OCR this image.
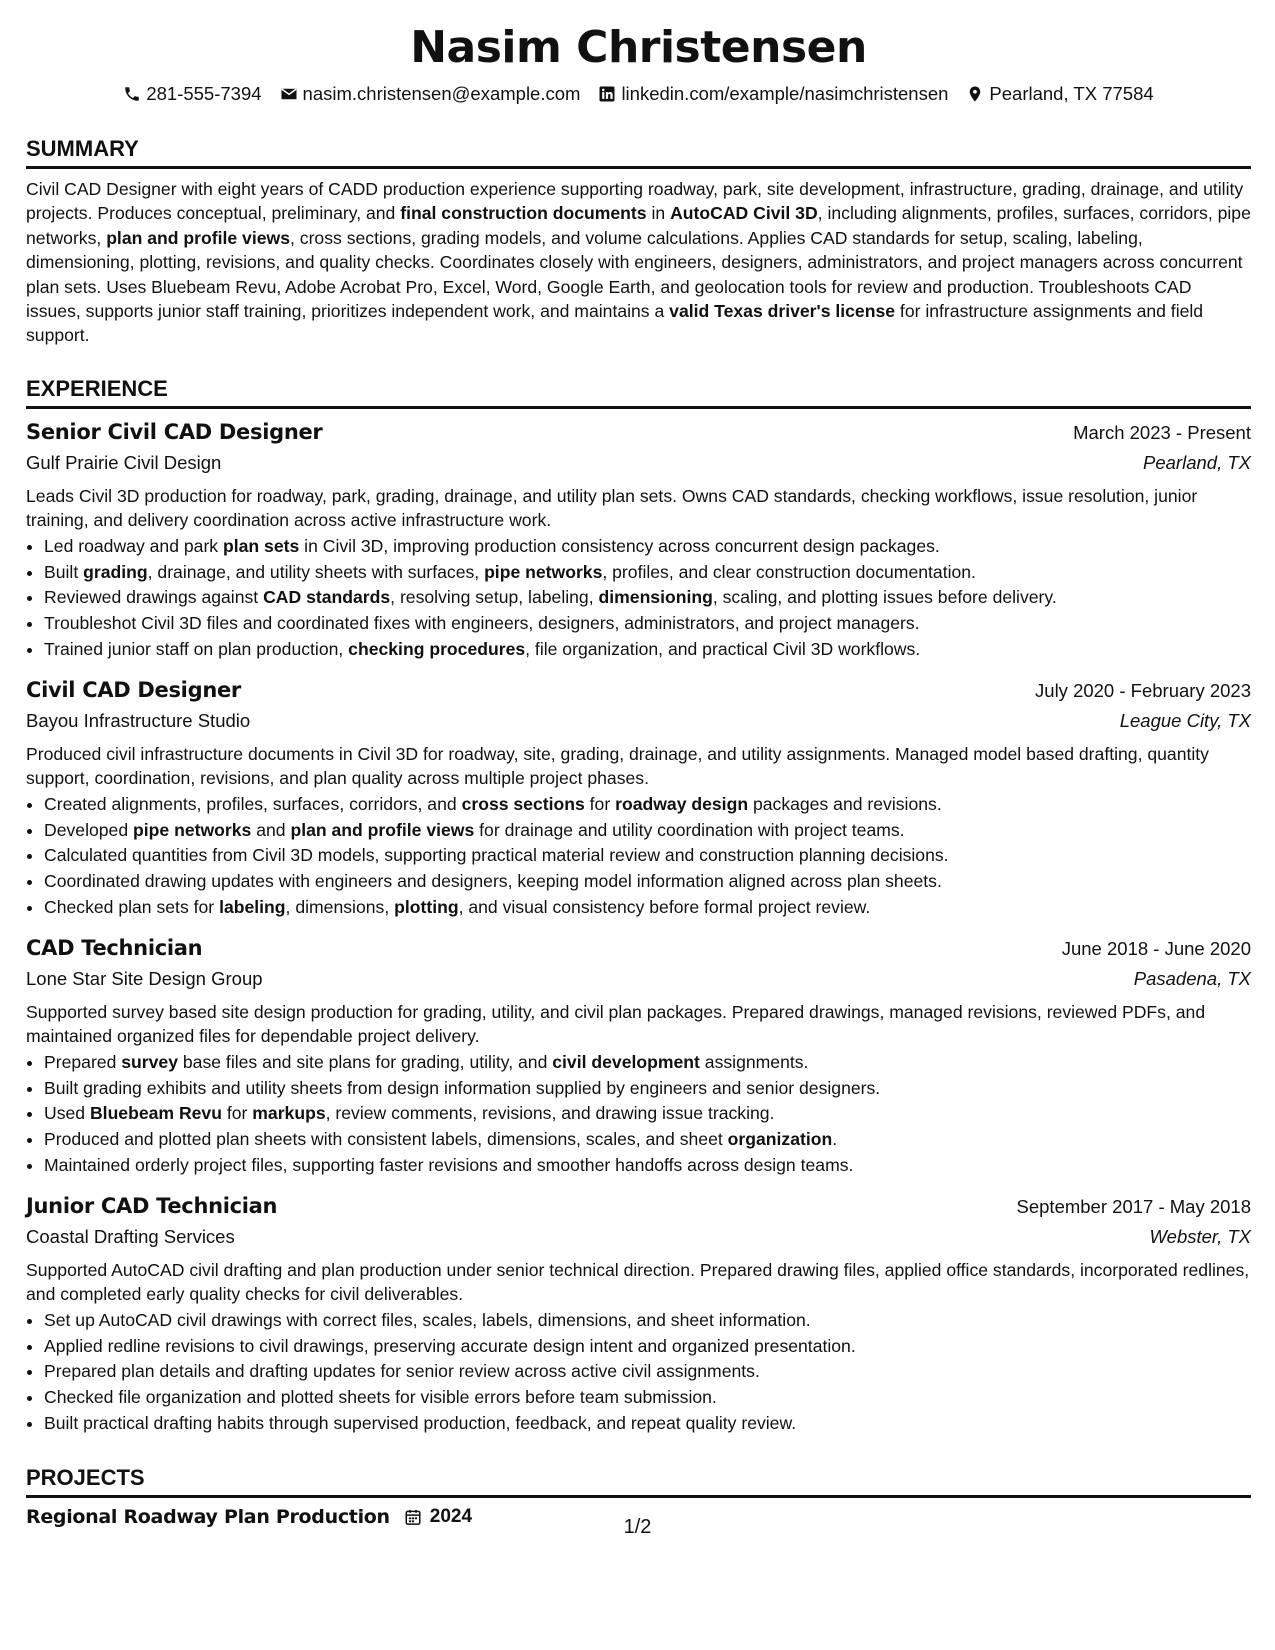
Nasim Christensen
281-555-7394 nasim.christensen@example.com linkedin.com/example/nasimchristensen Pearland, TX 77584
SUMMARY
Civil CAD Designer with eight years of CADD production experience supporting roadway, park, site development, infrastructure, grading, drainage, and utility projects. Produces conceptual, preliminary, and final construction documents in AutoCAD Civil 3D, including alignments, profiles, surfaces, corridors, pipe networks, plan and profile views, cross sections, grading models, and volume calculations. Applies CAD standards for setup, scaling, labeling, dimensioning, plotting, revisions, and quality checks. Coordinates closely with engineers, designers, administrators, and project managers across concurrent plan sets. Uses Bluebeam Revu, Adobe Acrobat Pro, Excel, Word, Google Earth, and geolocation tools for review and production. Troubleshoots CAD issues, supports junior staff training, prioritizes independent work, and maintains a valid Texas driver's license for infrastructure assignments and field support.
EXPERIENCE
Senior Civil CAD Designer	March 2023 - Present
Gulf Prairie Civil Design	Pearland, TX
Leads Civil 3D production for roadway, park, grading, drainage, and utility plan sets. Owns CAD standards, checking workflows, issue resolution, junior training, and delivery coordination across active infrastructure work.
• Led roadway and park plan sets in Civil 3D, improving production consistency across concurrent design packages.
• Built grading, drainage, and utility sheets with surfaces, pipe networks, profiles, and clear construction documentation.
• Reviewed drawings against CAD standards, resolving setup, labeling, dimensioning, scaling, and plotting issues before delivery.
• Troubleshot Civil 3D files and coordinated fixes with engineers, designers, administrators, and project managers.
• Trained junior staff on plan production, checking procedures, file organization, and practical Civil 3D workflows.
Civil CAD Designer	July 2020 - February 2023
Bayou Infrastructure Studio	League City, TX
Produced civil infrastructure documents in Civil 3D for roadway, site, grading, drainage, and utility assignments. Managed model based drafting, quantity support, coordination, revisions, and plan quality across multiple project phases.
• Created alignments, profiles, surfaces, corridors, and cross sections for roadway design packages and revisions.
• Developed pipe networks and plan and profile views for drainage and utility coordination with project teams.
• Calculated quantities from Civil 3D models, supporting practical material review and construction planning decisions.
• Coordinated drawing updates with engineers and designers, keeping model information aligned across plan sheets.
• Checked plan sets for labeling, dimensions, plotting, and visual consistency before formal project review.
CAD Technician	June 2018 - June 2020
Lone Star Site Design Group	Pasadena, TX
Supported survey based site design production for grading, utility, and civil plan packages. Prepared drawings, managed revisions, reviewed PDFs, and maintained organized files for dependable project delivery.
• Prepared survey base files and site plans for grading, utility, and civil development assignments.
• Built grading exhibits and utility sheets from design information supplied by engineers and senior designers.
• Used Bluebeam Revu for markups, review comments, revisions, and drawing issue tracking.
• Produced and plotted plan sheets with consistent labels, dimensions, scales, and sheet organization.
• Maintained orderly project files, supporting faster revisions and smoother handoffs across design teams.
Junior CAD Technician	September 2017 - May 2018
Coastal Drafting Services	Webster, TX
Supported AutoCAD civil drafting and plan production under senior technical direction. Prepared drawing files, applied office standards, incorporated redlines, and completed early quality checks for civil deliverables.
• Set up AutoCAD civil drawings with correct files, scales, labels, dimensions, and sheet information.
• Applied redline revisions to civil drawings, preserving accurate design intent and organized presentation.
• Prepared plan details and drafting updates for senior review across active civil assignments.
• Checked file organization and plotted sheets for visible errors before team submission.
• Built practical drafting habits through supervised production, feedback, and repeat quality review.
PROJECTS
Regional Roadway Plan Production 2024	1/2
